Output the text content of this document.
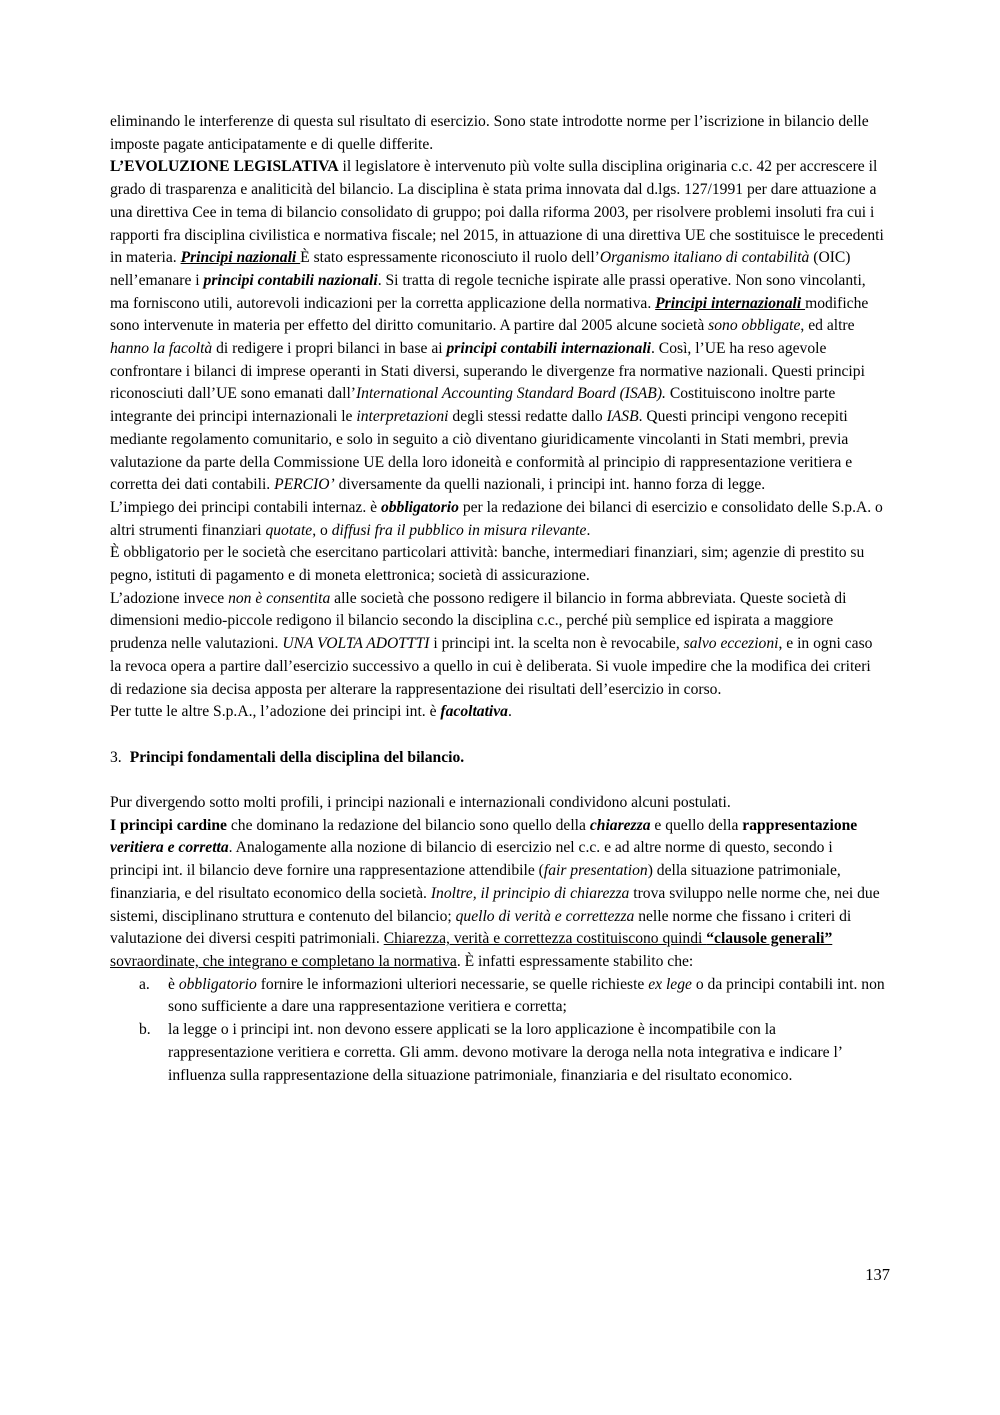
eliminando le interferenze di questa sul risultato di esercizio. Sono state introdotte norme per l’iscrizione in bilancio delle imposte pagate anticipatamente e di quelle differite.

L’EVOLUZIONE LEGISLATIVA il legislatore è intervenuto più volte sulla disciplina originaria c.c. 42 per accrescere il grado di trasparenza e analiticità del bilancio. La disciplina è stata prima innovata dal d.lgs. 127/1991 per dare attuazione a una direttiva Cee in tema di bilancio consolidato di gruppo; poi dalla riforma 2003, per risolvere problemi insoluti fra cui i rapporti fra disciplina civilistica e normativa fiscale; nel 2015, in attuazione di una direttiva UE che sostituisce le precedenti in materia. Principi nazionali È stato espressamente riconosciuto il ruolo dell’Organismo italiano di contabilità (OIC) nell’emanare i principi contabili nazionali. Si tratta di regole tecniche ispirate alle prassi operative. Non sono vincolanti, ma forniscono utili, autorevoli indicazioni per la corretta applicazione della normativa. Principi internazionali modifiche sono intervenute in materia per effetto del diritto comunitario. A partire dal 2005 alcune società sono obbligate, ed altre hanno la facoltà di redigere i propri bilanci in base ai principi contabili internazionali. Così, l’UE ha reso agevole confrontare i bilanci di imprese operanti in Stati diversi, superando le divergenze fra normative nazionali. Questi principi riconosciuti dall’UE sono emanati dall’International Accounting Standard Board (ISAB). Costituiscono inoltre parte integrante dei principi internazionali le interpretazioni degli stessi redatte dallo IASB. Questi principi vengono recepiti mediante regolamento comunitario, e solo in seguito a ciò diventano giuridicamente vincolanti in Stati membri, previa valutazione da parte della Commissione UE della loro idoneità e conformità al principio di rappresentazione veritiera e corretta dei dati contabili. PERCIO’ diversamente da quelli nazionali, i principi int. hanno forza di legge.

L’impiego dei principi contabili internaz. è obbligatorio per la redazione dei bilanci di esercizio e consolidato delle S.p.A. o altri strumenti finanziari quotate, o diffusi fra il pubblico in misura rilevante.

È obbligatorio per le società che esercitano particolari attività: banche, intermediari finanziari, sim; agenzie di prestito su pegno, istituti di pagamento e di moneta elettronica; società di assicurazione.

L’adozione invece non è consentita alle società che possono redigere il bilancio in forma abbreviata. Queste società di dimensioni medio-piccole redigono il bilancio secondo la disciplina c.c., perché più semplice ed ispirata a maggiore prudenza nelle valutazioni. UNA VOLTA ADOTTTI i principi int. la scelta non è revocabile, salvo eccezioni, e in ogni caso la revoca opera a partire dall’esercizio successivo a quello in cui è deliberata. Si vuole impedire che la modifica dei criteri di redazione sia decisa apposta per alterare la rappresentazione dei risultati dell’esercizio in corso.

Per tutte le altre S.p.A., l’adozione dei principi int. è facoltativa.

3. Principi fondamentali della disciplina del bilancio.

Pur divergendo sotto molti profili, i principi nazionali e internazionali condividono alcuni postulati.

I principi cardine che dominano la redazione del bilancio sono quello della chiarezza e quello della rappresentazione veritiera e corretta. Analogamente alla nozione di bilancio di esercizio nel c.c. e ad altre norme di questo, secondo i principi int. il bilancio deve fornire una rappresentazione attendibile (fair presentation) della situazione patrimoniale, finanziaria, e del risultato economico della società. Inoltre, il principio di chiarezza trova sviluppo nelle norme che, nei due sistemi, disciplinano struttura e contenuto del bilancio; quello di verità e correttezza nelle norme che fissano i criteri di valutazione dei diversi cespiti patrimoniali. Chiarezza, verità e correttezza costituiscono quindi “clausole generali” sovraordinate, che integrano e completano la normativa. È infatti espressamente stabilito che:

a. è obbligatorio fornire le informazioni ulteriori necessarie, se quelle richieste ex lege o da principi contabili int. non sono sufficiente a dare una rappresentazione veritiera e corretta;
b. la legge o i principi int. non devono essere applicati se la loro applicazione è incompatibile con la rappresentazione veritiera e corretta. Gli amm. devono motivare la deroga nella nota integrativa e indicare l’ influenza sulla rappresentazione della situazione patrimoniale, finanziaria e del risultato economico.
137
